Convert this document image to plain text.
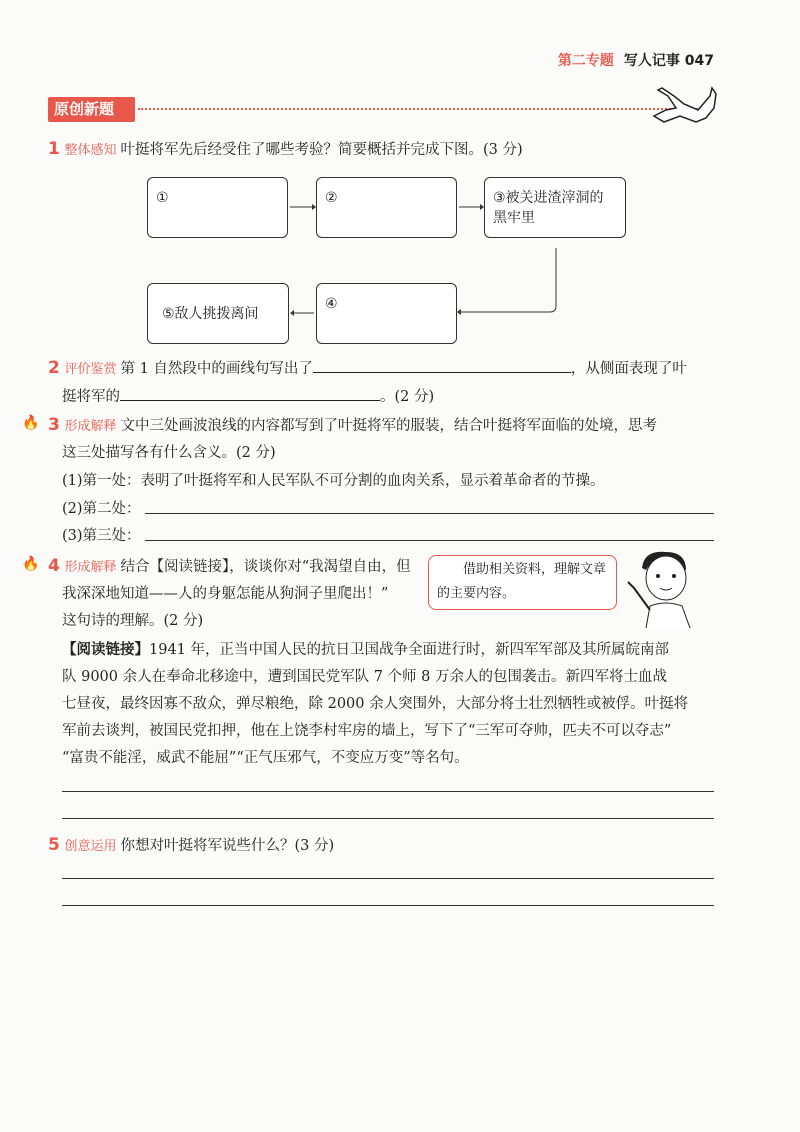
第二专题 写人记事 047
原创新题
1 整体感知 叶挺将军先后经受住了哪些考验？简要概括并完成下图。(3 分)
①	②	③被关进渣滓洞的黑牢里
④
⑤敌人挑拨离间
2 评价鉴赏 第 1 自然段中的画线句写出了	，从侧面表现了叶
挺将军的	。(2 分)
🔥 3 形成解释 文中三处画波浪线的内容都写到了叶挺将军的服装，结合叶挺将军面临的处境，思考
这三处描写各有什么含义。(2 分)
(1)第一处：表明了叶挺将军和人民军队不可分割的血肉关系，显示着革命者的节操。
(2)第二处：
(3)第三处：
🔥 4 形成解释 结合【阅读链接】，谈谈你对“我渴望自由，但
我深深地知道——人的身躯怎能从狗洞子里爬出！”
这句诗的理解。(2 分)
借助相关资料，理解文章的主要内容。
【阅读链接】1941 年，正当中国人民的抗日卫国战争全面进行时，新四军军部及其所属皖南部
队 9000 余人在奉命北移途中，遭到国民党军队 7 个师 8 万余人的包围袭击。新四军将士血战
七昼夜，最终因寡不敌众，弹尽粮绝，除 2000 余人突围外，大部分将士壮烈牺牲或被俘。叶挺将
军前去谈判，被国民党扣押，他在上饶李村牢房的墙上，写下了“三军可夺帅，匹夫不可以夺志”
“富贵不能淫，威武不能屈”“正气压邪气，不变应万变”等名句。
5 创意运用 你想对叶挺将军说些什么？(3 分)
